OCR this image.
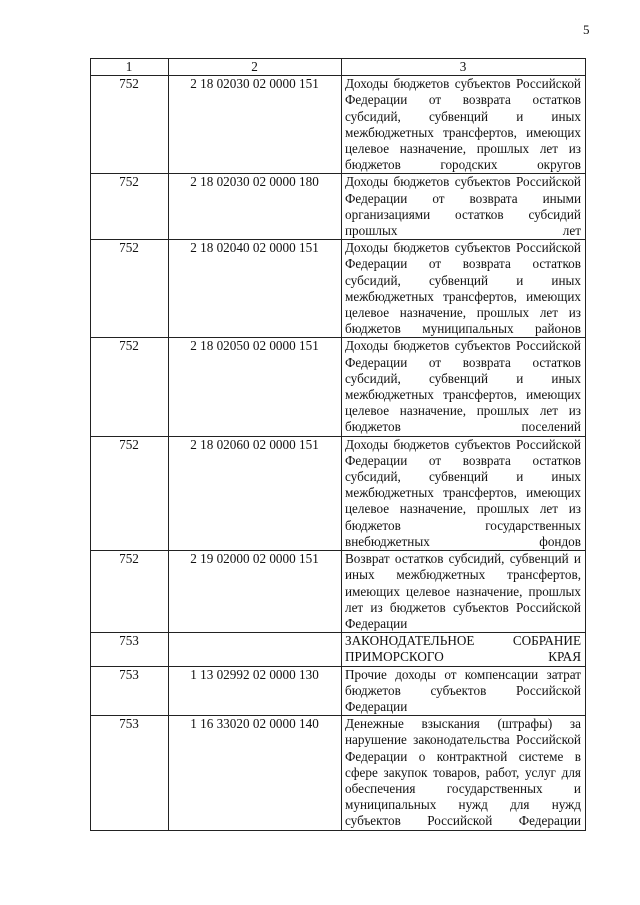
5
1	2	3
752	2 18 02030 02 0000 151	Доходы бюджетов субъектов Российской Федерации от возврата остатков субсидий, субвенций и иных межбюджетных трансфертов, имеющих целевое назначение, прошлых лет из бюджетов городских округов
752	2 18 02030 02 0000 180	Доходы бюджетов субъектов Российской Федерации от возврата иными организациями остатков субсидий прошлых лет
752	2 18 02040 02 0000 151	Доходы бюджетов субъектов Российской Федерации от возврата остатков субсидий, субвенций и иных межбюджетных трансфертов, имеющих целевое назначение, прошлых лет из бюджетов муниципальных районов
752	2 18 02050 02 0000 151	Доходы бюджетов субъектов Российской Федерации от возврата остатков субсидий, субвенций и иных межбюджетных трансфертов, имеющих целевое назначение, прошлых лет из бюджетов поселений
752	2 18 02060 02 0000 151	Доходы бюджетов субъектов Российской Федерации от возврата остатков субсидий, субвенций и иных межбюджетных трансфертов, имеющих целевое назначение, прошлых лет из бюджетов государственных внебюджетных фондов
752	2 19 02000 02 0000 151	Возврат остатков субсидий, субвенций и иных межбюджетных трансфертов, имеющих целевое назначение, прошлых лет из бюджетов субъектов Российской Федерации
753		ЗАКОНОДАТЕЛЬНОЕ СОБРАНИЕ ПРИМОРСКОГО КРАЯ
753	1 13 02992 02 0000 130	Прочие доходы от компенсации затрат бюджетов субъектов Российской Федерации
753	1 16 33020 02 0000 140	Денежные взыскания (штрафы) за нарушение законодательства Российской Федерации о контрактной системе в сфере закупок товаров, работ, услуг для обеспечения государственных и муниципальных нужд для нужд субъектов Российской Федерации
